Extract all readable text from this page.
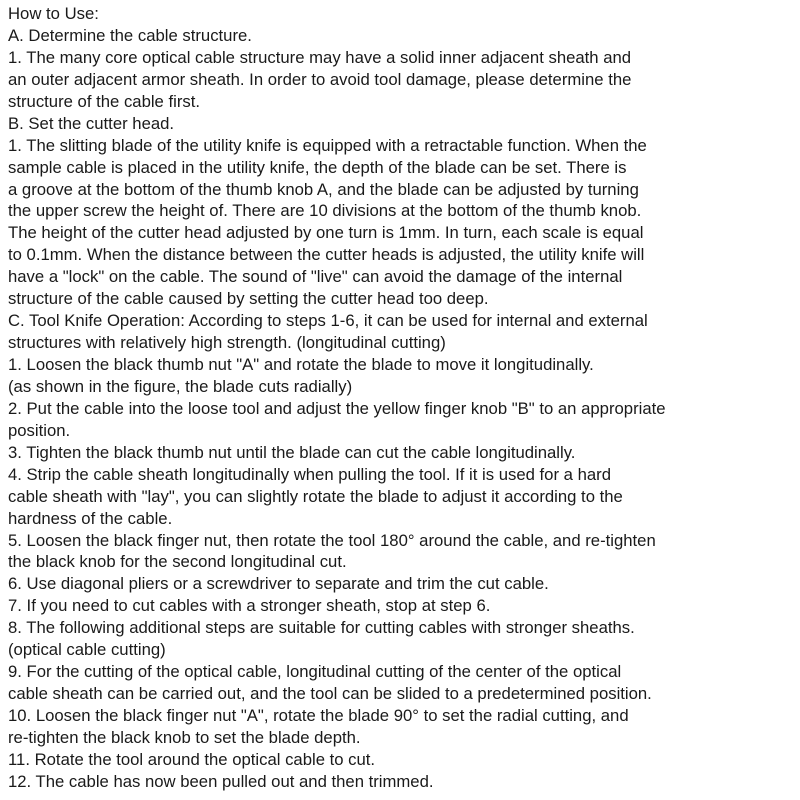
How to Use:
A. Determine the cable structure.
1. The many core optical cable structure may have a solid inner adjacent sheath and
an outer adjacent armor sheath. In order to avoid tool damage, please determine the
structure of the cable first.
B. Set the cutter head.
1. The slitting blade of the utility knife is equipped with a retractable function. When the
sample cable is placed in the utility knife, the depth of the blade can be set. There is
a groove at the bottom of the thumb knob A, and the blade can be adjusted by turning
the upper screw the height of. There are 10 divisions at the bottom of the thumb knob.
The height of the cutter head adjusted by one turn is 1mm. In turn, each scale is equal
to 0.1mm. When the distance between the cutter heads is adjusted, the utility knife will
have a "lock" on the cable. The sound of "live" can avoid the damage of the internal
structure of the cable caused by setting the cutter head too deep.
C. Tool Knife Operation: According to steps 1-6, it can be used for internal and external
structures with relatively high strength. (longitudinal cutting)
1. Loosen the black thumb nut "A" and rotate the blade to move it longitudinally.
(as shown in the figure, the blade cuts radially)
2. Put the cable into the loose tool and adjust the yellow finger knob "B" to an appropriate
position.
3. Tighten the black thumb nut until the blade can cut the cable longitudinally.
4. Strip the cable sheath longitudinally when pulling the tool. If it is used for a hard
cable sheath with "lay", you can slightly rotate the blade to adjust it according to the
hardness of the cable.
5. Loosen the black finger nut, then rotate the tool 180° around the cable, and re-tighten
the black knob for the second longitudinal cut.
6. Use diagonal pliers or a screwdriver to separate and trim the cut cable.
7. If you need to cut cables with a stronger sheath, stop at step 6.
8. The following additional steps are suitable for cutting cables with stronger sheaths.
(optical cable cutting)
9. For the cutting of the optical cable, longitudinal cutting of the center of the optical
cable sheath can be carried out, and the tool can be slided to a predetermined position.
10. Loosen the black finger nut "A", rotate the blade 90° to set the radial cutting, and
re-tighten the black knob to set the blade depth.
11. Rotate the tool around the optical cable to cut.
12. The cable has now been pulled out and then trimmed.
